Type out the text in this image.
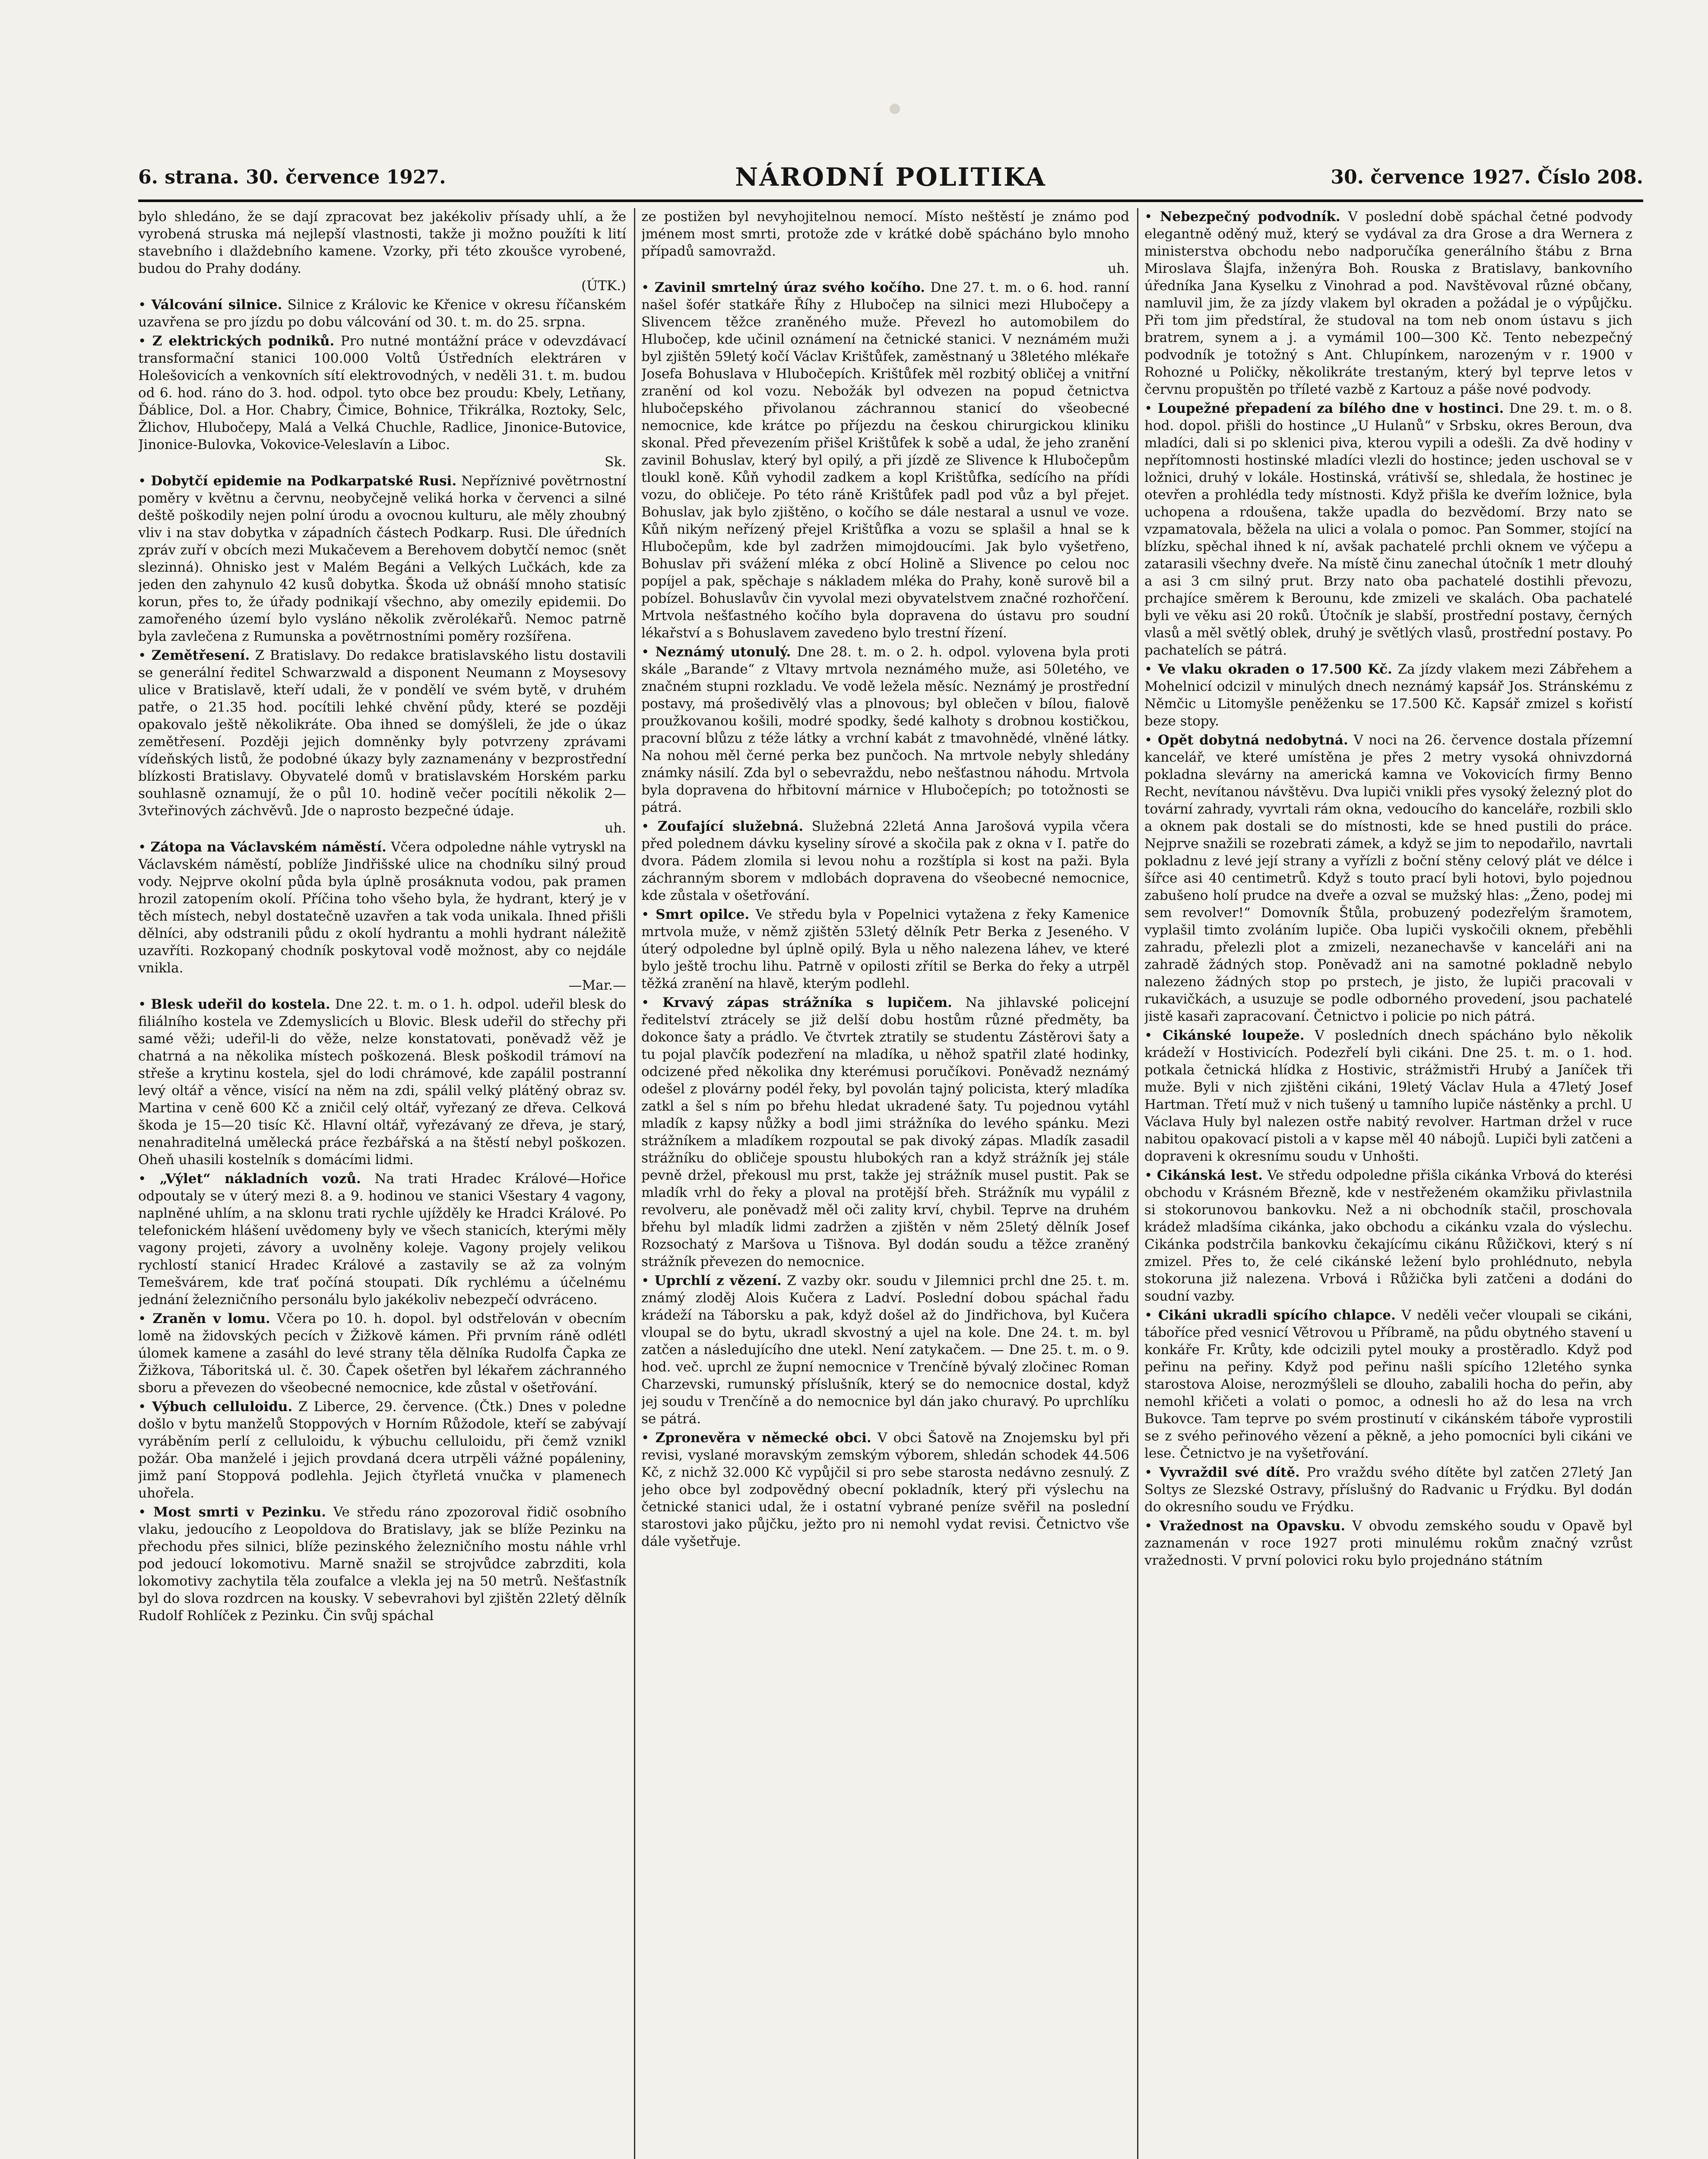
6. strana. 30. července 1927.	NÁRODNÍ POLITIKA	30. července 1927. Číslo 208.

bylo shledáno, že se dají zpracovat bez jakékoliv přísady uhlí, a že vyrobená struska má nejlepší vlastnosti, takže ji možno použíti k lití stavebního i dlaždebního kamene. Vzorky, při této zkoušce vyrobené, budou do Prahy dodány.

(ÚTK.)

• Válcování silnice. Silnice z Královic ke Křenice v okresu říčanském uzavřena se pro jízdu po dobu válcování od 30. t. m. do 25. srpna.

• Z elektrických podniků. Pro nutné montážní práce v odevzdávací transformační stanici 100.000 Voltů Ústředních elektráren v Holešovicích a venkovních sítí elektrovodných, v neděli 31. t. m. budou od 6. hod. ráno do 3. hod. odpol. tyto obce bez proudu: Kbely, Letňany, Ďáblice, Dol. a Hor. Chabry, Čimice, Bohnice, Třikrálka, Roztoky, Selc, Žlichov, Hlubočepy, Malá a Velká Chuchle, Radlice, Jinonice-Butovice, Jinonice-Bulovka, Vokovice-Veleslavín a Liboc.

Sk.

• Dobytčí epidemie na Podkarpatské Rusi. Nepříznivé povětrnostní poměry v květnu a červnu, neobyčejně veliká horka v červenci a silné deště poškodily nejen polní úrodu a ovocnou kulturu, ale měly zhoubný vliv i na stav dobytka v západních částech Podkarp. Rusi. Dle úředních zpráv zuří v obcích mezi Mukačevem a Berehovem dobytčí nemoc (snět slezinná). Ohnisko jest v Malém Begáni a Velkých Lučkách, kde za jeden den zahynulo 42 kusů dobytka. Škoda už obnáší mnoho statisíc korun, přes to, že úřady podnikají všechno, aby omezily epidemii. Do zamořeného území bylo vysláno několik zvěrolékařů. Nemoc patrně byla zavlečena z Rumunska a povětrnostními poměry rozšířena.

• Zemětřesení. Z Bratislavy. Do redakce bratislavského listu dostavili se generální ředitel Schwarzwald a disponent Neumann z Moysesovy ulice v Bratislavě, kteří udali, že v pondělí ve svém bytě, v druhém patře, o 21.35 hod. pocítili lehké chvění půdy, které se později opakovalo ještě několikráte. Oba ihned se domýšleli, že jde o úkaz zemětřesení. Později jejich domněnky byly potvrzeny zprávami vídeňských listů, že podobné úkazy byly zaznamenány v bezprostřední blízkosti Bratislavy. Obyvatelé domů v bratislavském Horském parku souhlasně oznamují, že o půl 10. hodině večer pocítili několik 2—3vteřinových záchvěvů. Jde o naprosto bezpečné údaje.

uh.

• Zátopa na Václavském náměstí. Včera odpoledne náhle vytryskl na Václavském náměstí, poblíže Jindřišské ulice na chodníku silný proud vody. Nejprve okolní půda byla úplně prosáknuta vodou, pak pramen hrozil zatopením okolí. Příčina toho všeho byla, že hydrant, který je v těch místech, nebyl dostatečně uzavřen a tak voda unikala. Ihned přišli dělníci, aby odstranili půdu z okolí hydrantu a mohli hydrant náležitě uzavříti. Rozkopaný chodník poskytoval vodě možnost, aby co nejdále vnikla.

—Mar.—

• Blesk udeřil do kostela. Dne 22. t. m. o 1. h. odpol. udeřil blesk do filiálního kostela ve Zdemyslicích u Blovic. Blesk udeřil do střechy při samé věži; udeřil-li do věže, nelze konstatovati, poněvadž věž je chatrná a na několika místech poškozená. Blesk poškodil trámoví na střeše a krytinu kostela, sjel do lodi chrámové, kde zapálil postranní levý oltář a věnce, visící na něm na zdi, spálil velký plátěný obraz sv. Martina v ceně 600 Kč a zničil celý oltář, vyřezaný ze dřeva. Celková škoda je 15—20 tisíc Kč. Hlavní oltář, vyřezávaný ze dřeva, je starý, nenahraditelná umělecká práce řezbářská a na štěstí nebyl poškozen. Oheň uhasili kostelník s domácími lidmi.

• „Výlet“ nákladních vozů. Na trati Hradec Králové—Hořice odpoutaly se v úterý mezi 8. a 9. hodinou ve stanici Všestary 4 vagony, naplněné uhlím, a na sklonu trati rychle ujížděly ke Hradci Králové. Po telefonickém hlášení uvědomeny byly ve všech stanicích, kterými měly vagony projeti, závory a uvolněny koleje. Vagony projely velikou rychlostí stanicí Hradec Králové a zastavily se až za volným Temešvárem, kde trať počíná stoupati. Dík rychlému a účelnému jednání železničního personálu bylo jakékoliv nebezpečí odvráceno.

• Zraněn v lomu. Včera po 10. h. dopol. byl odstřelován v obecním lomě na židovských pecích v Žižkově kámen. Při prvním ráně odlétl úlomek kamene a zasáhl do levé strany těla dělníka Rudolfa Čapka ze Žižkova, Táboritská ul. č. 30. Čapek ošetřen byl lékařem záchranného sboru a převezen do všeobecné nemocnice, kde zůstal v ošetřování.

• Výbuch celluloidu. Z Liberce, 29. července. (Čtk.) Dnes v poledne došlo v bytu manželů Stoppových v Horním Růžodole, kteří se zabývají vyráběním perlí z celluloidu, k výbuchu celluloidu, při čemž vznikl požár. Oba manželé i jejich provdaná dcera utrpěli vážné popáleniny, jimž paní Stoppová podlehla. Jejich čtyřletá vnučka v plamenech uhořela.

• Most smrti v Pezinku. Ve středu ráno zpozoroval řidič osobního vlaku, jedoucího z Leopoldova do Bratislavy, jak se blíže Pezinku na přechodu přes silnici, blíže pezinského železničního mostu náhle vrhl pod jedoucí lokomotivu. Marně snažil se strojvůdce zabrzditi, kola lokomotivy zachytila těla zoufalce a vlekla jej na 50 metrů. Nešťastník byl do slova rozdrcen na kousky. V sebevrahovi byl zjištěn 22letý dělník Rudolf Rohlíček z Pezinku. Čin svůj spáchal

ze postižen byl nevyhojitelnou nemocí. Místo neštěstí je známo pod jménem most smrti, protože zde v krátké době spácháno bylo mnoho případů samovražd.

uh.

• Zavinil smrtelný úraz svého kočího. Dne 27. t. m. o 6. hod. ranní našel šofér statkáře Říhy z Hlubočep na silnici mezi Hlubočepy a Slivencem těžce zraněného muže. Převezl ho automobilem do Hlubočep, kde učinil oznámení na četnické stanici. V neznámém muži byl zjištěn 59letý kočí Václav Krištůfek, zaměstnaný u 38letého mlékaře Josefa Bohuslava v Hlubočepích. Krištůfek měl rozbitý obličej a vnitřní zranění od kol vozu. Nebožák byl odvezen na popud četnictva hlubočepského přivolanou záchrannou stanicí do všeobecné nemocnice, kde krátce po příjezdu na českou chirurgickou kliniku skonal. Před převezením přišel Krištůfek k sobě a udal, že jeho zranění zavinil Bohuslav, který byl opilý, a při jízdě ze Slivence k Hlubočepům tloukl koně. Kůň vyhodil zadkem a kopl Krištůfka, sedícího na přídi vozu, do obličeje. Po této ráně Krištůfek padl pod vůz a byl přejet. Bohuslav, jak bylo zjištěno, o kočího se dále nestaral a usnul ve voze. Kůň nikým neřízený přejel Krištůfka a vozu se splašil a hnal se k Hlubočepům, kde byl zadržen mimojdoucími. Jak bylo vyšetřeno, Bohuslav při svážení mléka z obcí Holině a Slivence po celou noc popíjel a pak, spěchaje s nákladem mléka do Prahy, koně surově bil a pobízel. Bohuslavův čin vyvolal mezi obyvatelstvem značné rozhořčení. Mrtvola nešťastného kočího byla dopravena do ústavu pro soudní lékařství a s Bohuslavem zavedeno bylo trestní řízení.

• Neznámý utonulý. Dne 28. t. m. o 2. h. odpol. vylovena byla proti skále „Barande“ z Vltavy mrtvola neznámého muže, asi 50letého, ve značném stupni rozkladu. Ve vodě ležela měsíc. Neznámý je prostřední postavy, má prošedivělý vlas a plnovous; byl oblečen v bílou, fialově proužkovanou košili, modré spodky, šedé kalhoty s drobnou kostičkou, pracovní blůzu z téže látky a vrchní kabát z tmavohnědé, vlněné látky. Na nohou měl černé perka bez punčoch. Na mrtvole nebyly shledány známky násilí. Zda byl o sebevraždu, nebo nešťastnou náhodu. Mrtvola byla dopravena do hřbitovní márnice v Hlubočepích; po totožnosti se pátrá.

• Zoufající služebná. Služebná 22letá Anna Jarošová vypila včera před polednem dávku kyseliny sírové a skočila pak z okna v I. patře do dvora. Pádem zlomila si levou nohu a rozštípla si kost na paži. Byla záchranným sborem v mdlobách dopravena do všeobecné nemocnice, kde zůstala v ošetřování.

• Smrt opilce. Ve středu byla v Popelnici vytažena z řeky Kamenice mrtvola muže, v němž zjištěn 53letý dělník Petr Berka z Jeseného. V úterý odpoledne byl úplně opilý. Byla u něho nalezena láhev, ve které bylo ještě trochu lihu. Patrně v opilosti zřítil se Berka do řeky a utrpěl těžká zranění na hlavě, kterým podlehl.

• Krvavý zápas strážníka s lupičem. Na jihlavské policejní ředitelství ztrácely se již delší dobu hostům různé předměty, ba dokonce šaty a prádlo. Ve čtvrtek ztratily se studentu Zástěrovi šaty a tu pojal plavčík podezření na mladíka, u něhož spatřil zlaté hodinky, odcizené před několika dny kterémusi poručíkovi. Poněvadž neznámý odešel z plovárny podél řeky, byl povolán tajný policista, který mladíka zatkl a šel s ním po břehu hledat ukradené šaty. Tu pojednou vytáhl mladík z kapsy nůžky a bodl jimi strážníka do levého spánku. Mezi strážníkem a mladíkem rozpoutal se pak divoký zápas. Mladík zasadil strážníku do obličeje spoustu hlubokých ran a když strážník jej stále pevně držel, překousl mu prst, takže jej strážník musel pustit. Pak se mladík vrhl do řeky a ploval na protější břeh. Strážník mu vypálil z revolveru, ale poněvadž měl oči zality krví, chybil. Teprve na druhém břehu byl mladík lidmi zadržen a zjištěn v něm 25letý dělník Josef Rozsochatý z Maršova u Tišnova. Byl dodán soudu a těžce zraněný strážník převezen do nemocnice.

• Uprchlí z vězení. Z vazby okr. soudu v Jilemnici prchl dne 25. t. m. známý zloděj Alois Kučera z Ladví. Poslední dobou spáchal řadu krádeží na Táborsku a pak, když došel až do Jindřichova, byl Kučera vloupal se do bytu, ukradl skvostný a ujel na kole. Dne 24. t. m. byl zatčen a následujícího dne utekl. Není zatykačem. — Dne 25. t. m. o 9. hod. več. uprchl ze župní nemocnice v Trenčíně bývalý zločinec Roman Charzevski, rumunský příslušník, který se do nemocnice dostal, když jej soudu v Trenčíně a do nemocnice byl dán jako churavý. Po uprchlíku se pátrá.

• Zpronevěra v německé obci. V obci Šatově na Znojemsku byl při revisi, vyslané moravským zemským výborem, shledán schodek 44.506 Kč, z nichž 32.000 Kč vypůjčil si pro sebe starosta nedávno zesnulý. Z jeho obce byl zodpovědný obecní pokladník, který při výslechu na četnické stanici udal, že i ostatní vybrané peníze svěřil na poslední starostovi jako půjčku, ježto pro ni nemohl vydat revisi. Četnictvo vše dále vyšetřuje.

• Nebezpečný podvodník. V poslední době spáchal četné podvody elegantně oděný muž, který se vydával za dra Grose a dra Wernera z ministerstva obchodu nebo nadporučíka generálního štábu z Brna Miroslava Šlajfa, inženýra Boh. Rouska z Bratislavy, bankovního úředníka Jana Kyselku z Vinohrad a pod. Navštěvoval různé občany, namluvil jim, že za jízdy vlakem byl okraden a požádal je o výpůjčku. Při tom jim předstíral, že studoval na tom neb onom ústavu s jich bratrem, synem a j. a vymámil 100—300 Kč. Tento nebezpečný podvodník je totožný s Ant. Chlupínkem, narozeným v r. 1900 v Rohozné u Poličky, několikráte trestaným, který byl teprve letos v červnu propuštěn po tříleté vazbě z Kartouz a páše nové podvody.

• Loupežné přepadení za bílého dne v hostinci. Dne 29. t. m. o 8. hod. dopol. přišli do hostince „U Hulanů“ v Srbsku, okres Beroun, dva mladíci, dali si po sklenici piva, kterou vypili a odešli. Za dvě hodiny v nepřítomnosti hostinské mladíci vlezli do hostince; jeden uschoval se v ložnici, druhý v lokále. Hostinská, vrátivší se, shledala, že hostinec je otevřen a prohlédla tedy místnosti. Když přišla ke dveřím ložnice, byla uchopena a rdoušena, takže upadla do bezvědomí. Brzy nato se vzpamatovala, běžela na ulici a volala o pomoc. Pan Sommer, stojící na blízku, spěchal ihned k ní, avšak pachatelé prchli oknem ve výčepu a zatarasili všechny dveře. Na místě činu zanechal útočník 1 metr dlouhý a asi 3 cm silný prut. Brzy nato oba pachatelé dostihli převozu, prchajíce směrem k Berounu, kde zmizeli ve skalách. Oba pachatelé byli ve věku asi 20 roků. Útočník je slabší, prostřední postavy, černých vlasů a měl světlý oblek, druhý je světlých vlasů, prostřední postavy. Po pachatelích se pátrá.

• Ve vlaku okraden o 17.500 Kč. Za jízdy vlakem mezi Zábřehem a Mohelnicí odcizil v minulých dnech neznámý kapsář Jos. Stránskému z Němčic u Litomyšle peněženku se 17.500 Kč. Kapsář zmizel s kořistí beze stopy.

• Opět dobytná nedobytná. V noci na 26. července dostala přízemní kancelář, ve které umístěna je přes 2 metry vysoká ohnivzdorná pokladna slevárny na americká kamna ve Vokovicích firmy Benno Recht, nevítanou návštěvu. Dva lupiči vnikli přes vysoký železný plot do tovární zahrady, vyvrtali rám okna, vedoucího do kanceláře, rozbili sklo a oknem pak dostali se do místnosti, kde se hned pustili do práce. Nejprve snažili se rozebrati zámek, a když se jim to nepodařilo, navrtali pokladnu z levé její strany a vyřízli z boční stěny celový plát ve délce i šířce asi 40 centimetrů. Když s touto prací byli hotovi, bylo pojednou zabušeno holí prudce na dveře a ozval se mužský hlas: „Ženo, podej mi sem revolver!“ Domovník Štůla, probuzený podezřelým šramotem, vyplašil timto zvoláním lupiče. Oba lupiči vyskočili oknem, přeběhli zahradu, přelezli plot a zmizeli, nezanechavše v kanceláři ani na zahradě žádných stop. Poněvadž ani na samotné pokladně nebylo nalezeno žádných stop po prstech, je jisto, že lupiči pracovali v rukavičkách, a usuzuje se podle odborného provedení, jsou pachatelé jistě kasaři zapracovaní. Četnictvo i policie po nich pátrá.

• Cikánské loupeže. V posledních dnech spácháno bylo několik krádeží v Hostivicích. Podezřelí byli cikáni. Dne 25. t. m. o 1. hod. potkala četnická hlídka z Hostivic, strážmistři Hrubý a Janíček tři muže. Byli v nich zjištěni cikáni, 19letý Václav Hula a 47letý Josef Hartman. Třetí muž v nich tušený u tamního lupiče nástěnky a prchl. U Václava Huly byl nalezen ostře nabitý revolver. Hartman držel v ruce nabitou opakovací pistoli a v kapse měl 40 nábojů. Lupiči byli zatčeni a dopraveni k okresnímu soudu v Unhošti.

• Cikánská lest. Ve středu odpoledne přišla cikánka Vrbová do kterési obchodu v Krásném Březně, kde v nestřeženém okamžiku přivlastnila si stokorunovou bankovku. Než a ni obchodník stačil, proschovala krádež mladšíma cikánka, jako obchodu a cikánku vzala do výslechu. Cikánka podstrčila bankovku čekajícímu cikánu Růžičkovi, který s ní zmizel. Přes to, že celé cikánské ležení bylo prohlédnuto, nebyla stokoruna již nalezena. Vrbová i Růžička byli zatčeni a dodáni do soudní vazby.

• Cikáni ukradli spícího chlapce. V neděli večer vloupali se cikáni, táboříce před vesnicí Větrovou u Příbramě, na půdu obytného stavení u konkáře Fr. Krůty, kde odcizili pytel mouky a prostěradlo. Když pod peřinu na peřiny. Když pod peřinu našli spícího 12letého synka starostova Aloise, nerozmýšleli se dlouho, zabalili hocha do peřin, aby nemohl křičeti a volati o pomoc, a odnesli ho až do lesa na vrch Bukovce. Tam teprve po svém prostinutí v cikánském táboře vyprostili se z svého peřinového vězení a pěkně, a jeho pomocníci byli cikáni ve lese. Četnictvo je na vyšetřování.

• Vyvraždil své dítě. Pro vraždu svého dítěte byl zatčen 27letý Jan Soltys ze Slezské Ostravy, příslušný do Radvanic u Frýdku. Byl dodán do okresního soudu ve Frýdku.

• Vražednost na Opavsku. V obvodu zemského soudu v Opavě byl zaznamenán v roce 1927 proti minulému rokům značný vzrůst vražednosti. V první polovici roku bylo projednáno státním
